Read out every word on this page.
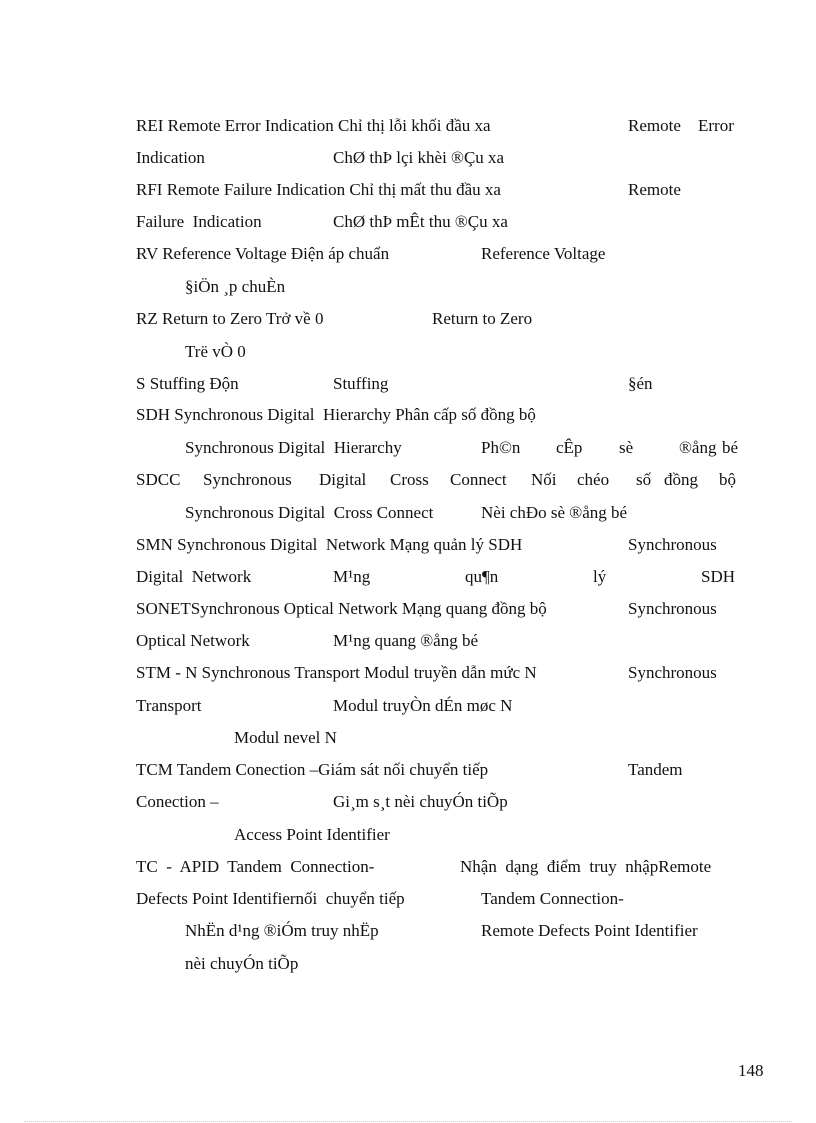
REI Remote Error Indication Chỉ thị lỗi khối đầu xa	Remote Error
Indication	ChØ thÞ lçi khèi ®Çu xa
RFI Remote Failure Indication Chỉ thị mất thu đầu xa	Remote
Failure  Indication	ChØ thÞ mÊt thu ®Çu xa
RV Reference Voltage Điện áp chuẩn	Reference Voltage
§iÖn ¸p chuÈn
RZ Return to Zero Trở về 0	Return to Zero
Trë vÒ 0
S Stuffing Độn	Stuffing	§én
SDH Synchronous Digital  Hierarchy Phân cấp số đồng bộ
Synchronous Digital  Hierarchy	Ph©n cÊp sè	®ång bé
SDCC Synchronous Digital Cross Connect Nối chéo số đồng bộ
Synchronous Digital  Cross Connect	Nèi chÐo sè ®ång bé
SMN Synchronous Digital  Network Mạng quản lý SDH	Synchronous
Digital  Network	M¹ng	qu¶n	lý	SDH
SONETSynchronous Optical Network Mạng quang đồng bộ	Synchronous
Optical Network	M¹ng quang ®ång bé
STM - N Synchronous Transport Modul truyền dẫn mức N	Synchronous
Transport	Modul truyÒn dÉn møc N
Modul nevel N
TCM Tandem Conection –Giám sát nối chuyển tiếp	Tandem
Conection –	Gi¸m s¸t nèi chuyÓn tiÕp
Access Point Identifier
TC  -  APID  Tandem  Connection-	Nhận  dạng  điểm  truy  nhậpRemote
Defects Point Identifiernối  chuyển tiếp	Tandem Connection-
NhËn d¹ng ®iÓm truy nhËp	Remote Defects Point Identifier
nèi chuyÓn tiÕp
148
